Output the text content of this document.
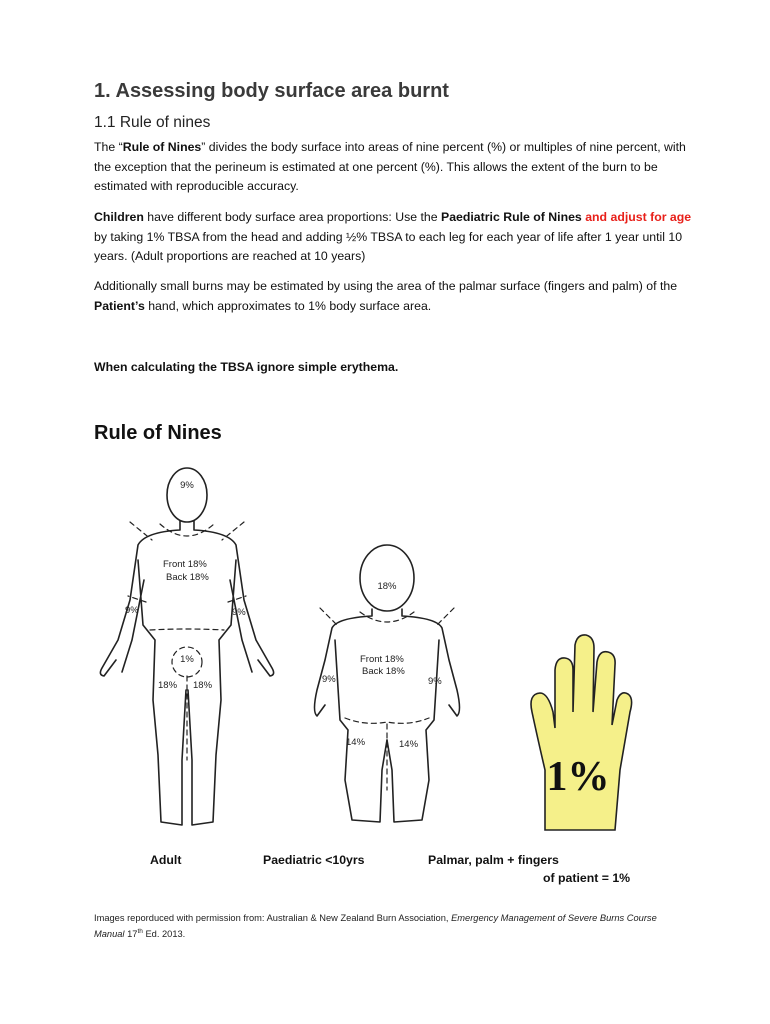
1. Assessing body surface area burnt
1.1 Rule of nines
The “Rule of Nines” divides the body surface into areas of nine percent (%) or multiples of nine percent, with the exception that the perineum is estimated at one percent (%). This allows the extent of the burn to be estimated with reproducible accuracy.
Children have different body surface area proportions: Use the Paediatric Rule of Nines and adjust for age by taking 1% TBSA from the head and adding ½% TBSA to each leg for each year of life after 1 year until 10 years. (Adult proportions are reached at 10 years)
Additionally small burns may be estimated by using the area of the palmar surface (fingers and palm) of the Patient’s hand, which approximates to 1% body surface area.
When calculating the TBSA ignore simple erythema.
Rule of Nines
9%
Front 18%
Back 18%
9%	9%
1%
18% 18%
18%
Front 18%
Back 18%
9%	9%
14%	14%
1%
Adult	Paediatric <10yrs	Palmar, palm + fingers
of patient = 1%
Images reporduced with permission from: Australian & New Zealand Burn Association, Emergency Management of Severe Burns Course Manual 17th Ed. 2013.
